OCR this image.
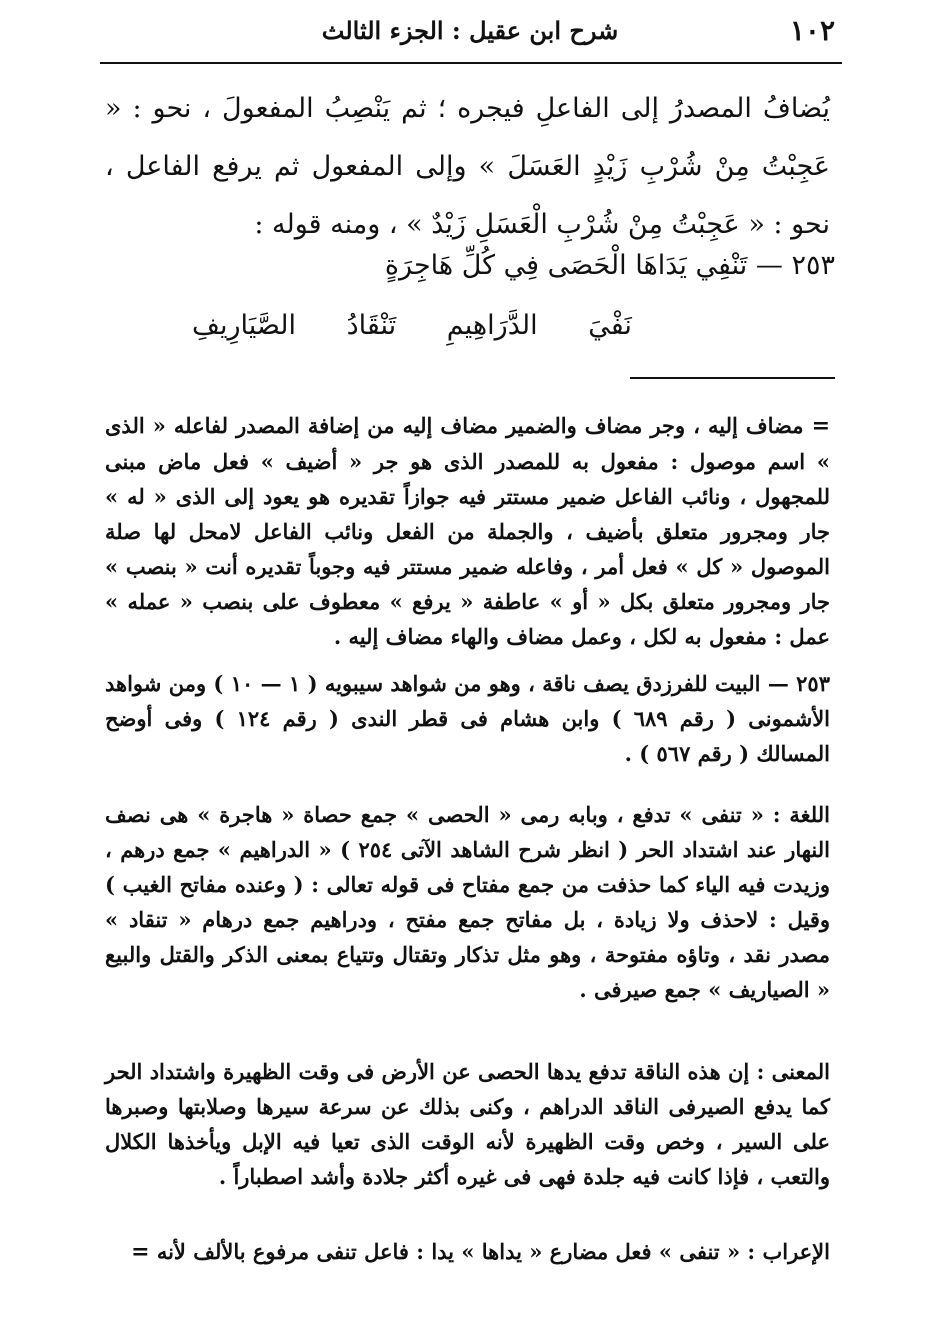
١٠٢
شرح ابن عقيل : الجزء الثالث

يُضافُ المصدرُ إلى الفاعلِ فيجره ؛ ثم يَنْصِبُ المفعولَ ، نحو : « عَجِبْتُ مِنْ شُرْبِ زَيْدٍ العَسَلَ » وإلى المفعول ثم يرفع الفاعل ، نحو : « عَجِبْتُ مِنْ شُرْبِ الْعَسَلِ زَيْدٌ » ، ومنه قوله :

٢٥٣ — تَنْفِي يَدَاهَا الْحَصَى فِي كُلِّ هَاجِرَةٍ
نَفْيَ الدَّرَاهِيمِ تَنْقَادُ الصَّيَارِيفِ

= مضاف إليه ، وجر مضاف والضمير مضاف إليه من إضافة المصدر لفاعله « الذى » اسم موصول : مفعول به للمصدر الذى هو جر « أضيف » فعل ماض مبنى للمجهول ، ونائب الفاعل ضمير مستتر فيه جوازاً تقديره هو يعود إلى الذى « له » جار ومجرور متعلق بأضيف ، والجملة من الفعل ونائب الفاعل لامحل لها صلة الموصول « كل » فعل أمر ، وفاعله ضمير مستتر فيه وجوباً تقديره أنت « بنصب » جار ومجرور متعلق بكل « أو » عاطفة « يرفع » معطوف على بنصب « عمله » عمل : مفعول به لكل ، وعمل مضاف والهاء مضاف إليه .

٢٥٣ — البيت للفرزدق يصف ناقة ، وهو من شواهد سيبويه ( ١ — ١٠ ) ومن شواهد الأشمونى ( رقم ٦٨٩ ) وابن هشام فى قطر الندى ( رقم ١٢٤ ) وفى أوضح المسالك ( رقم ٥٦٧ ) .

اللغة : « تنفى » تدفع ، وبابه رمى « الحصى » جمع حصاة « هاجرة » هى نصف النهار عند اشتداد الحر ( انظر شرح الشاهد الآتى ٢٥٤ ) « الدراهيم » جمع درهم ، وزيدت فيه الياء كما حذفت من جمع مفتاح فى قوله تعالى : ( وعنده مفاتح الغيب ) وقيل : لاحذف ولا زيادة ، بل مفاتح جمع مفتح ، ودراهيم جمع درهام « تنقاد » مصدر نقد ، وتاؤه مفتوحة ، وهو مثل تذكار وتقتال وتتياع بمعنى الذكر والقتل والبيع « الصياريف » جمع صيرفى .

المعنى : إن هذه الناقة تدفع يدها الحصى عن الأرض فى وقت الظهيرة واشتداد الحر كما يدفع الصيرفى الناقد الدراهم ، وكنى بذلك عن سرعة سيرها وصلابتها وصبرها على السير ، وخص وقت الظهيرة لأنه الوقت الذى تعيا فيه الإبل ويأخذها الكلال والتعب ، فإذا كانت فيه جلدة فهى فى غيره أكثر جلادة وأشد اصطباراً .

الإعراب : « تنفى » فعل مضارع « يداها » يدا : فاعل تنفى مرفوع بالألف لأنه =
